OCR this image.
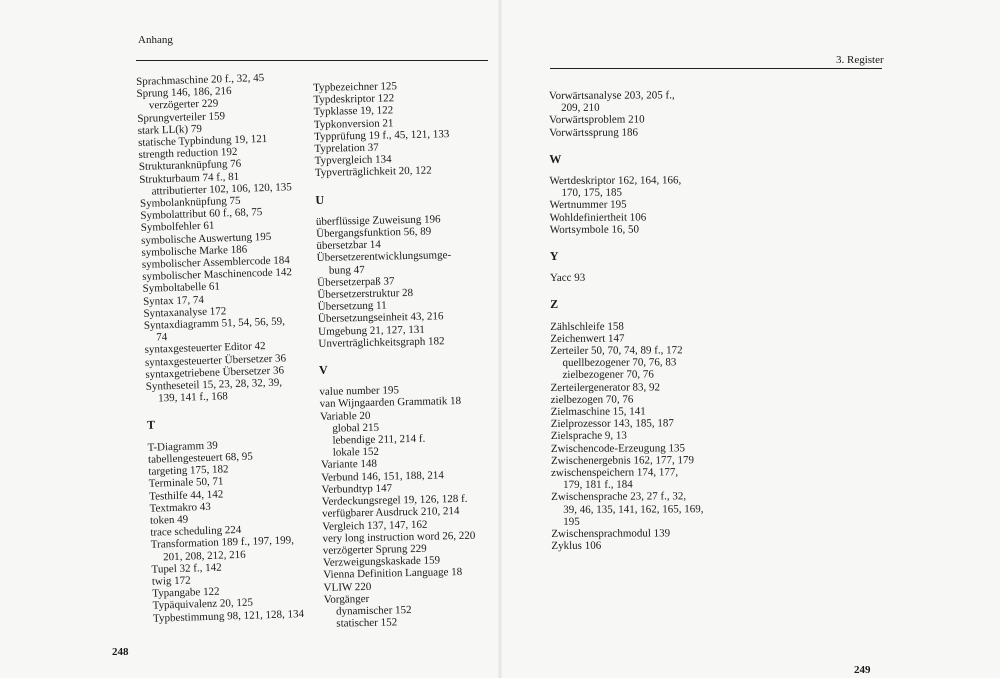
Anhang
Sprachmaschine 20 f., 32, 45
Sprung 146, 186, 216
verzögerter 229
Sprungverteiler 159
stark LL(k) 79
statische Typbindung 19, 121
strength reduction 192
Strukturanknüpfung 76
Strukturbaum 74 f., 81
attributierter 102, 106, 120, 135
Symbolanknüpfung 75
Symbolattribut 60 f., 68, 75
Symbolfehler 61
symbolische Auswertung 195
symbolische Marke 186
symbolischer Assemblercode 184
symbolischer Maschinencode 142
Symboltabelle 61
Syntax 17, 74
Syntaxanalyse 172
Syntaxdiagramm 51, 54, 56, 59,
74
syntaxgesteuerter Editor 42
syntaxgesteuerter Übersetzer 36
syntaxgetriebene Übersetzer 36
Syntheseteil 15, 23, 28, 32, 39,
139, 141 f., 168
T
T-Diagramm 39
tabellengesteuert 68, 95
targeting 175, 182
Terminale 50, 71
Testhilfe 44, 142
Textmakro 43
token 49
trace scheduling 224
Transformation 189 f., 197, 199,
201, 208, 212, 216
Tupel 32 f., 142
twig 172
Typangabe 122
Typäquivalenz 20, 125
Typbestimmung 98, 121, 128, 134
Typbezeichner 125
Typdeskriptor 122
Typklasse 19, 122
Typkonversion 21
Typprüfung 19 f., 45, 121, 133
Typrelation 37
Typvergleich 134
Typverträglichkeit 20, 122
U
überflüssige Zuweisung 196
Übergangsfunktion 56, 89
übersetzbar 14
Übersetzerentwicklungsumge-
bung 47
Übersetzerpaß 37
Übersetzerstruktur 28
Übersetzung 11
Übersetzungseinheit 43, 216
Umgebung 21, 127, 131
Unverträglichkeitsgraph 182
V
value number 195
van Wijngaarden Grammatik 18
Variable 20
global 215
lebendige 211, 214 f.
lokale 152
Variante 148
Verbund 146, 151, 188, 214
Verbundtyp 147
Verdeckungsregel 19, 126, 128 f.
verfügbarer Ausdruck 210, 214
Vergleich 137, 147, 162
very long instruction word 26, 220
verzögerter Sprung 229
Verzweigungskaskade 159
Vienna Definition Language 18
VLIW 220
Vorgänger
dynamischer 152
statischer 152
248
3. Register
Vorwärtsanalyse 203, 205 f.,
209, 210
Vorwärtsproblem 210
Vorwärtssprung 186
W
Wertdeskriptor 162, 164, 166,
170, 175, 185
Wertnummer 195
Wohldefiniertheit 106
Wortsymbole 16, 50
Y
Yacc 93
Z
Zählschleife 158
Zeichenwert 147
Zerteiler 50, 70, 74, 89 f., 172
quellbezogener 70, 76, 83
zielbezogener 70, 76
Zerteilergenerator 83, 92
zielbezogen 70, 76
Zielmaschine 15, 141
Zielprozessor 143, 185, 187
Zielsprache 9, 13
Zwischencode-Erzeugung 135
Zwischenergebnis 162, 177, 179
zwischenspeichern 174, 177,
179, 181 f., 184
Zwischensprache 23, 27 f., 32,
39, 46, 135, 141, 162, 165, 169,
195
Zwischensprachmodul 139
Zyklus 106
249
